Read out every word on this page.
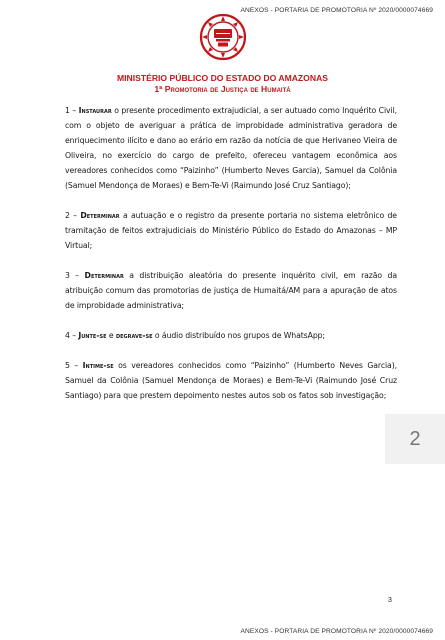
ANEXOS - PORTARIA DE PROMOTORIA Nº 2020/0000074669
MINISTÉRIO PÚBLICO DO ESTADO DO AMAZONAS
1ª Promotoria de Justiça de Humaitá

1 – Instaurar o presente procedimento extrajudicial, a ser autuado como Inquérito Civil, com o objeto de averiguar a prática de improbidade administrativa geradora de enriquecimento ilícito e dano ao erário em razão da notícia de que Herivaneo Vieira de Oliveira, no exercício do cargo de prefeito, ofereceu vantagem econômica aos vereadores conhecidos como “Paizinho” (Humberto Neves Garcia), Samuel da Colônia (Samuel Mendonça de Moraes) e Bem-Te-Vi (Raimundo José Cruz Santiago);

2 – Determinar a autuação e o registro da presente portaria no sistema eletrônico de tramitação de feitos extrajudiciais do Ministério Público do Estado do Amazonas – MP Virtual;

3 – Determinar a distribuição aleatória do presente inquérito civil, em razão da atribuição comum das promotorias de justiça de Humaitá/AM para a apuração de atos de improbidade administrativa;

4 – Junte-se e degrave-se o áudio distribuído nos grupos de WhatsApp;

5 – Intime-se os vereadores conhecidos como “Paizinho” (Humberto Neves Garcia), Samuel da Colônia (Samuel Mendonça de Moraes) e Bem-Te-Vi (Raimundo José Cruz Santiago) para que prestem depoimento nestes autos sob os fatos sob investigação;

2
3
ANEXOS - PORTARIA DE PROMOTORIA Nº 2020/0000074669
